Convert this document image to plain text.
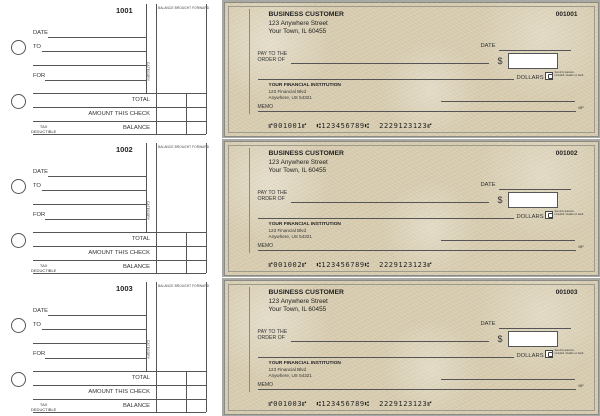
1001	BALANCE BROUGHT FORWARD
DATE
TO
FOR	CATEGORY
TOTAL
AMOUNT THIS CHECK
TAX
DEDUCTIBLE
BALANCE
BUSINESS CUSTOMER
123 Anywhere Street
Your Town, IL 60455
001001
DATE
PAY TO THE
ORDER OF	$
DOLLARS
Security features included. Details on back.
YOUR FINANCIAL INSTITUTION
123 Financial Blvd
Anywhere, US 54321
MEMO	MP
⑈001001⑈  ⑆123456789⑆  2229123123⑈
1002	BALANCE BROUGHT FORWARD
DATE
TO
FOR	CATEGORY
TOTAL
AMOUNT THIS CHECK
TAX
DEDUCTIBLE
BALANCE
BUSINESS CUSTOMER
123 Anywhere Street
Your Town, IL 60455
001002
DATE
PAY TO THE
ORDER OF	$
DOLLARS
Security features included. Details on back.
YOUR FINANCIAL INSTITUTION
123 Financial Blvd
Anywhere, US 54321
MEMO	MP
⑈001002⑈  ⑆123456789⑆  2229123123⑈
1003	BALANCE BROUGHT FORWARD
DATE
TO
FOR	CATEGORY
TOTAL
AMOUNT THIS CHECK
TAX
DEDUCTIBLE
BALANCE
BUSINESS CUSTOMER
123 Anywhere Street
Your Town, IL 60455
001003
DATE
PAY TO THE
ORDER OF	$
DOLLARS
Security features included. Details on back.
YOUR FINANCIAL INSTITUTION
123 Financial Blvd
Anywhere, US 54321
MEMO	MP
⑈001003⑈  ⑆123456789⑆  2229123123⑈
